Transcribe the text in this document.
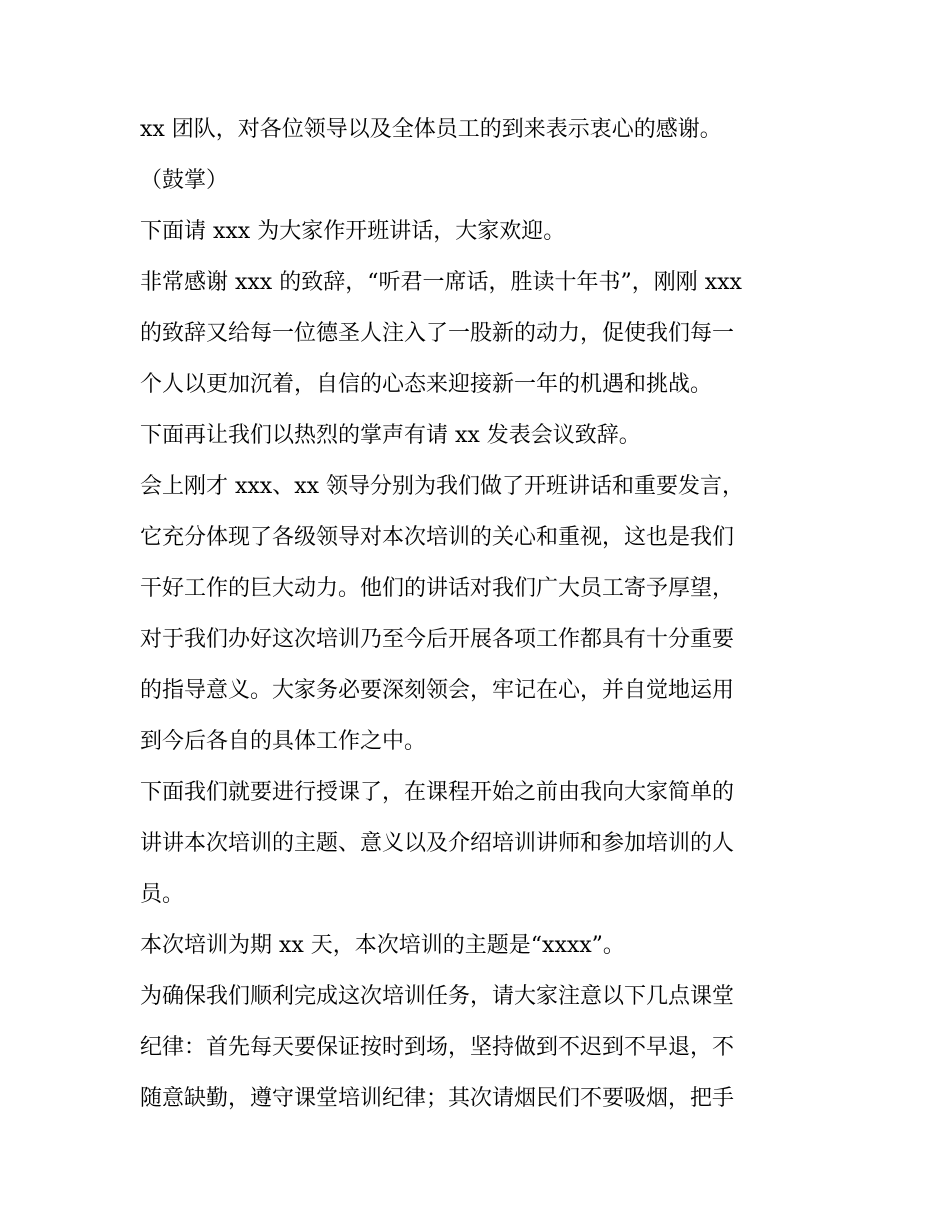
xx 团队，对各位领导以及全体员工的到来表示衷心的感谢。
（鼓掌）
下面请 xxx 为大家作开班讲话，大家欢迎。
非常感谢 xxx 的致辞，“听君一席话，胜读十年书”，刚刚 xxx
的致辞又给每一位德圣人注入了一股新的动力，促使我们每一
个人以更加沉着，自信的心态来迎接新一年的机遇和挑战。
下面再让我们以热烈的掌声有请 xx 发表会议致辞。
会上刚才 xxx、xx 领导分别为我们做了开班讲话和重要发言，
它充分体现了各级领导对本次培训的关心和重视，这也是我们
干好工作的巨大动力。他们的讲话对我们广大员工寄予厚望，
对于我们办好这次培训乃至今后开展各项工作都具有十分重要
的指导意义。大家务必要深刻领会，牢记在心，并自觉地运用
到今后各自的具体工作之中。
下面我们就要进行授课了，在课程开始之前由我向大家简单的
讲讲本次培训的主题、意义以及介绍培训讲师和参加培训的人
员。
本次培训为期 xx 天，本次培训的主题是“xxxx”。
为确保我们顺利完成这次培训任务，请大家注意以下几点课堂
纪律：首先每天要保证按时到场，坚持做到不迟到不早退，不
随意缺勤，遵守课堂培训纪律；其次请烟民们不要吸烟，把手
